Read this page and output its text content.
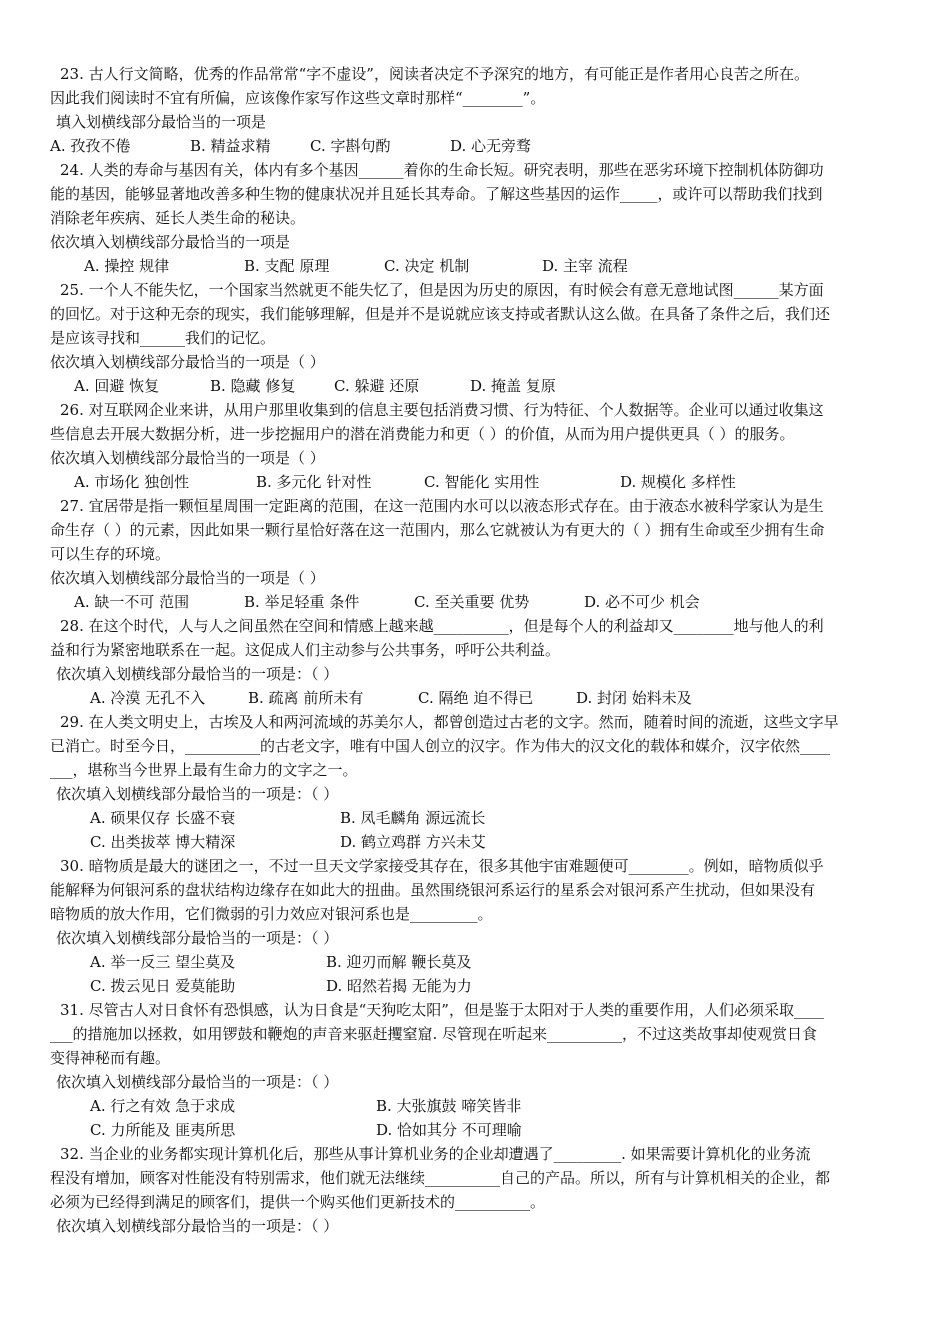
23. 古人行文简略，优秀的作品常常“字不虚设”，阅读者决定不予深究的地方，有可能正是作者用心良苦之所在。
因此我们阅读时不宜有所偏，应该像作家写作这些文章时那样“________”。
填入划横线部分最恰当的一项是
A. 孜孜不倦	B. 精益求精	C. 字斟句酌	D. 心无旁骛
24. 人类的寿命与基因有关，体内有多个基因______着你的生命长短。研究表明，那些在恶劣环境下控制机体防御功
能的基因，能够显著地改善多种生物的健康状况并且延长其寿命。了解这些基因的运作_____，或许可以帮助我们找到
消除老年疾病、延长人类生命的秘诀。
依次填入划横线部分最恰当的一项是
A. 操控 规律	B. 支配 原理	C. 决定 机制	D. 主宰 流程
25. 一个人不能失忆，一个国家当然就更不能失忆了，但是因为历史的原因，有时候会有意无意地试图______某方面
的回忆。对于这种无奈的现实，我们能够理解，但是并不是说就应该支持或者默认这么做。在具备了条件之后，我们还
是应该寻找和______我们的记忆。
依次填入划横线部分最恰当的一项是（ ）
A. 回避 恢复	B. 隐藏 修复	C. 躲避 还原	D. 掩盖 复原
26. 对互联网企业来讲，从用户那里收集到的信息主要包括消费习惯、行为特征、个人数据等。企业可以通过收集这
些信息去开展大数据分析，进一步挖掘用户的潜在消费能力和更（ ）的价值，从而为用户提供更具（ ）的服务。
依次填入划横线部分最恰当的一项是（ ）
A. 市场化 独创性	B. 多元化 针对性	C. 智能化 实用性	D. 规模化 多样性
27. 宜居带是指一颗恒星周围一定距离的范围，在这一范围内水可以以液态形式存在。由于液态水被科学家认为是生
命生存（ ）的元素，因此如果一颗行星恰好落在这一范围内，那么它就被认为有更大的（ ）拥有生命或至少拥有生命
可以生存的环境。
依次填入划横线部分最恰当的一项是（ ）
A. 缺一不可 范围	B. 举足轻重 条件	C. 至关重要 优势	D. 必不可少 机会
28. 在这个时代，人与人之间虽然在空间和情感上越来越__________，但是每个人的利益却又________地与他人的利
益和行为紧密地联系在一起。这促成人们主动参与公共事务，呼吁公共利益。
依次填入划横线部分最恰当的一项是：（ ）
A. 冷漠 无孔不入	B. 疏离 前所未有	C. 隔绝 迫不得已	D. 封闭 始料未及
29. 在人类文明史上，古埃及人和两河流域的苏美尔人，都曾创造过古老的文字。然而，随着时间的流逝，这些文字早
已消亡。时至今日，__________的古老文字，唯有中国人创立的汉字。作为伟大的汉文化的载体和媒介，汉字依然____
___，堪称当今世界上最有生命力的文字之一。
依次填入划横线部分最恰当的一项是：（ ）
A. 硕果仅存 长盛不衰	B. 凤毛麟角 源远流长
C. 出类拔萃 博大精深	D. 鹤立鸡群 方兴未艾
30. 暗物质是最大的谜团之一，不过一旦天文学家接受其存在，很多其他宇宙难题便可________。例如，暗物质似乎
能解释为何银河系的盘状结构边缘存在如此大的扭曲。虽然围绕银河系运行的星系会对银河系产生扰动，但如果没有
暗物质的放大作用，它们微弱的引力效应对银河系也是_________。
依次填入划横线部分最恰当的一项是：（ ）
A. 举一反三 望尘莫及	B. 迎刃而解 鞭长莫及
C. 拨云见日 爱莫能助	D. 昭然若揭 无能为力
31. 尽管古人对日食怀有恐惧感，认为日食是“天狗吃太阳”，但是鉴于太阳对于人类的重要作用，人们必须采取____
___的措施加以拯救，如用锣鼓和鞭炮的声音来驱赶攫窒窟. 尽管现在听起来__________，不过这类故事却使观赏日食
变得神秘而有趣。
依次填入划横线部分最恰当的一项是：（ ）
A. 行之有效 急于求成	B. 大张旗鼓 啼笑皆非
C. 力所能及 匪夷所思	D. 恰如其分 不可理喻
32. 当企业的业务都实现计算机化后，那些从事计算机业务的企业却遭遇了_________. 如果需要计算机化的业务流
程没有增加，顾客对性能没有特别需求，他们就无法继续__________自己的产品。所以，所有与计算机相关的企业，都
必须为已经得到满足的顾客们，提供一个购买他们更新技术的__________。
依次填入划横线部分最恰当的一项是：（ ）
